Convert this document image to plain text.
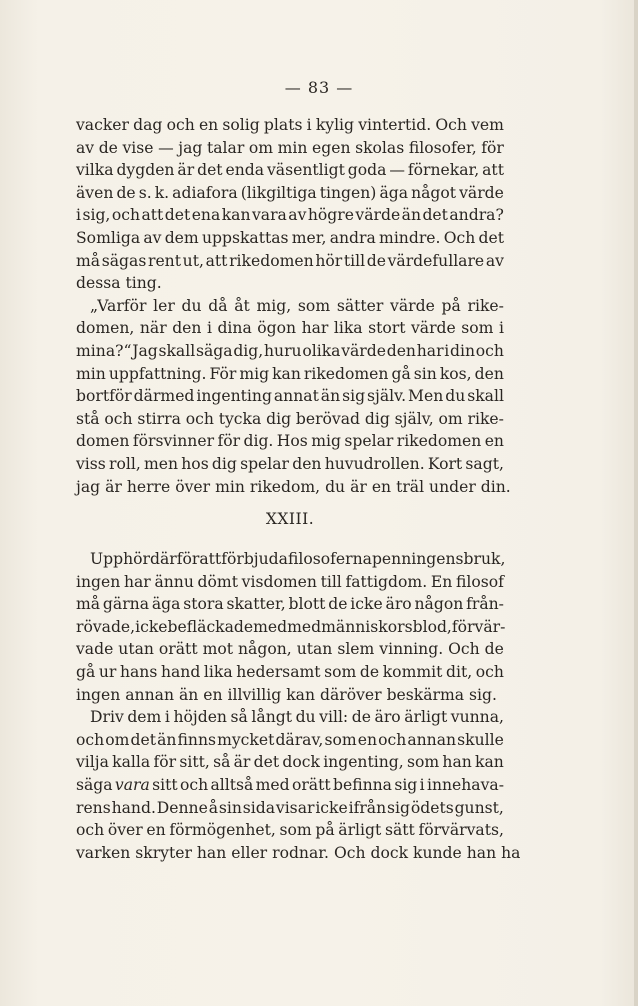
— 83 —
vacker dag och en solig plats i kylig vintertid. Och vem
av de vise — jag talar om min egen skolas filosofer, för
vilka dygden är det enda väsentligt goda — förnekar, att
även de s. k. adiafora (likgiltiga tingen) äga något värde
i sig, och att det ena kan vara av högre värde än det andra?
Somliga av dem uppskattas mer, andra mindre. Och det
må sägas rent ut, att rikedomen hör till de värdefullare av
dessa
ting.
„Varför ler du då åt mig, som sätter värde på rike-
domen, när den i dina ögon har lika stort värde som i
mina?“ Jag skall säga dig, huru olika värde den har i din och
min uppfattning. För mig kan rikedomen gå sin kos, den
bortför därmed ingenting annat än sig själv. Men du skall
stå och stirra och tycka dig berövad dig själv, om rike-
domen försvinner för dig. Hos mig spelar rikedomen en
viss roll, men hos dig spelar den huvudrollen. Kort sagt,
jag
är
herre
över
min
rikedom,
du
är
en
träl
under
din.
XXIII.
Upphör därför att förbjuda filosoferna penningens bruk,
ingen har ännu dömt visdomen till fattigdom. En filosof
må gärna äga stora skatter, blott de icke äro någon från-
rövade, icke befläckade med medmänniskors blod, förvär-
vade utan orätt mot någon, utan slem vinning. Och de
gå ur hans hand lika hedersamt som de kommit dit, och
ingen
annan
än
en
illvillig
kan
däröver
beskärma
sig.
Driv dem i höjden så långt du vill: de äro ärligt vunna,
och om det än finns mycket därav, som en och annan skulle
vilja kalla för sitt, så är det dock ingenting, som han kan
säga vara sitt och alltså med orätt befinna sig i innehava-
rens hand. Denne å sin sida visar icke ifrån sig ödets gunst,
och över en förmögenhet, som på ärligt sätt förvärvats,
varken
skryter
han
eller
rodnar.
Och
dock
kunde
han
ha
